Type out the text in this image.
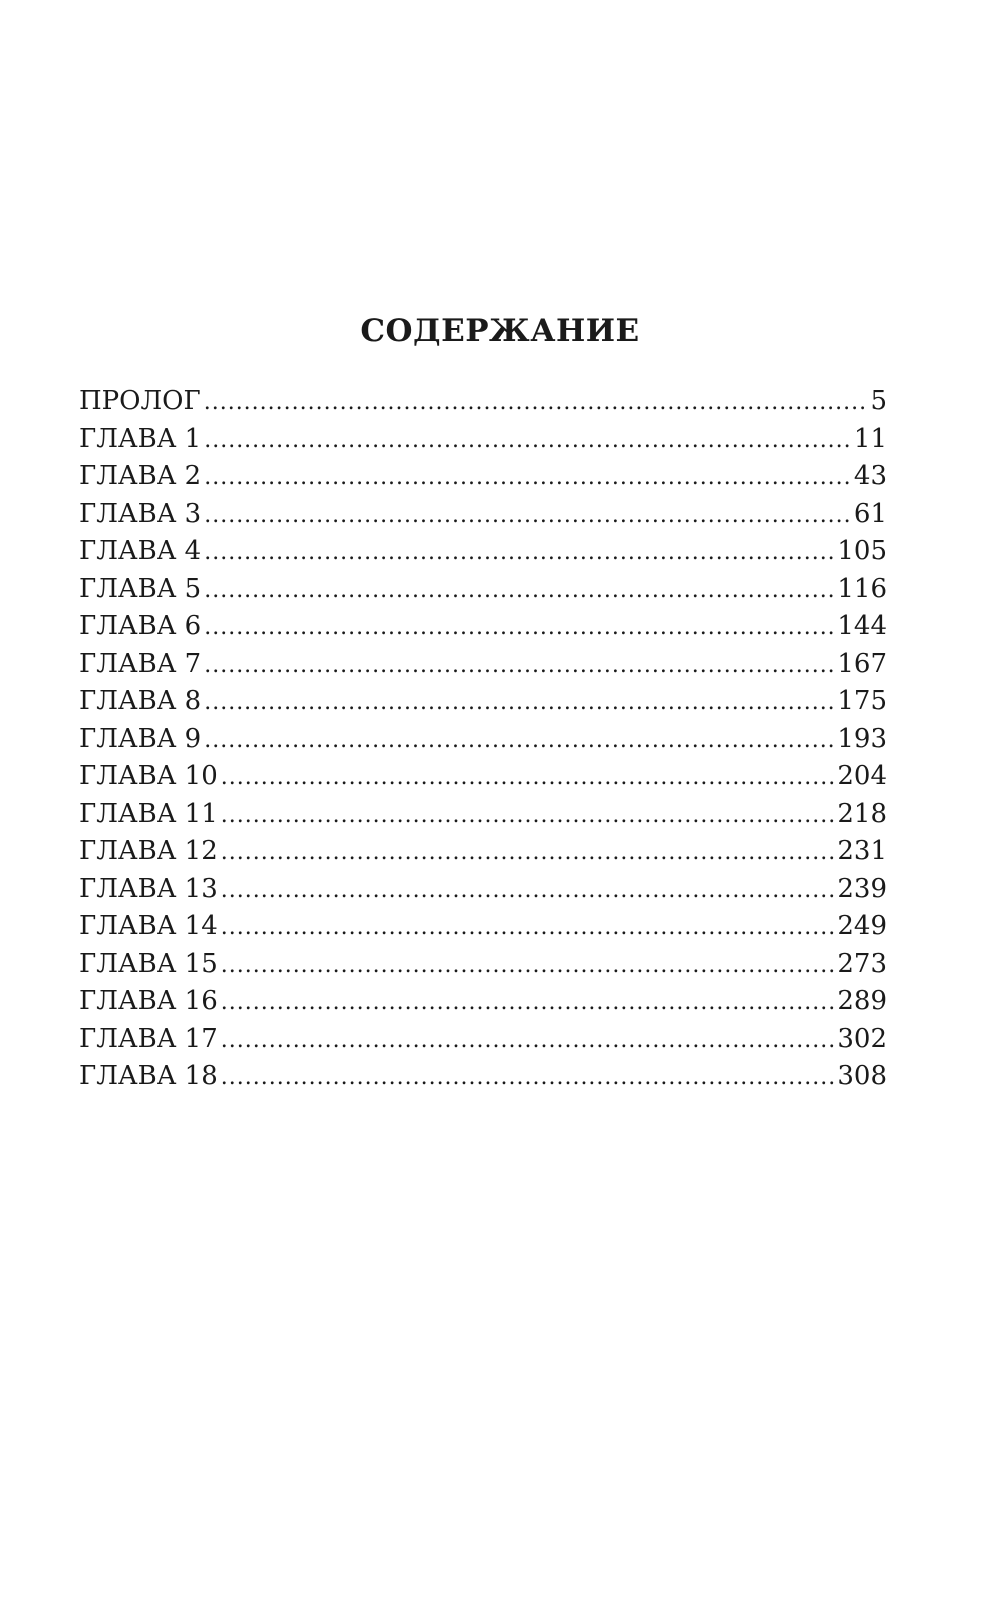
СОДЕРЖАНИЕ
ПРОЛОГ .....	5
ГЛАВА 1 .....	11
ГЛАВА 2 .....	43
ГЛАВА 3 .....	61
ГЛАВА 4 .....	105
ГЛАВА 5 .....	116
ГЛАВА 6 .....	144
ГЛАВА 7 .....	167
ГЛАВА 8 .....	175
ГЛАВА 9 .....	193
ГЛАВА 10 .....	204
ГЛАВА 11 .....	218
ГЛАВА 12 .....	231
ГЛАВА 13 .....	239
ГЛАВА 14 .....	249
ГЛАВА 15 .....	273
ГЛАВА 16 .....	289
ГЛАВА 17 .....	302
ГЛАВА 18 .....	308
